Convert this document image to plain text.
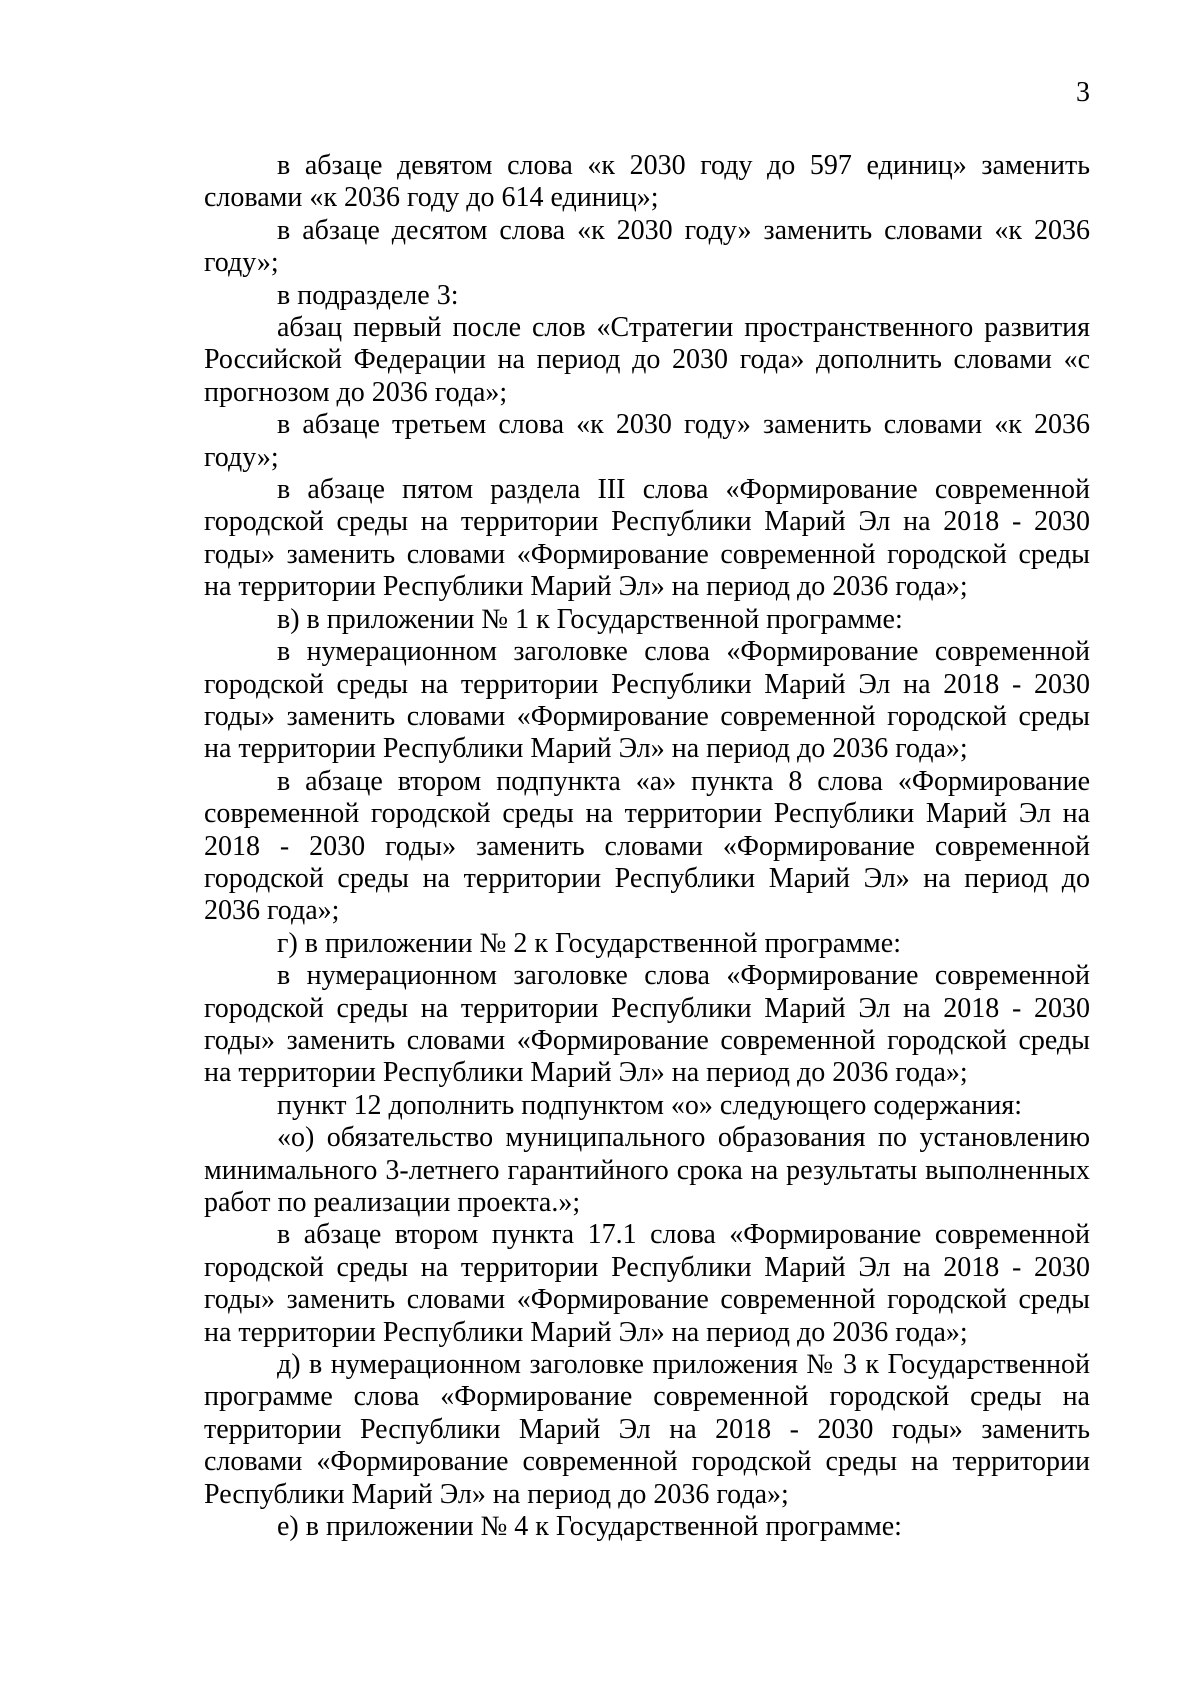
3

в абзаце девятом слова «к 2030 году до 597 единиц» заменить словами «к 2036 году до 614 единиц»;

в абзаце десятом слова «к 2030 году» заменить словами «к 2036 году»;

в подразделе 3:

абзац первый после слов «Стратегии пространственного развития Российской Федерации на период до 2030 года» дополнить словами «с прогнозом до 2036 года»;

в абзаце третьем слова «к 2030 году» заменить словами «к 2036 году»;

в абзаце пятом раздела III слова «Формирование современной городской среды на территории Республики Марий Эл на 2018 - 2030 годы» заменить словами «Формирование современной городской среды на территории Республики Марий Эл» на период до 2036 года»;

в) в приложении № 1 к Государственной программе:

в нумерационном заголовке слова «Формирование современной городской среды на территории Республики Марий Эл на 2018 - 2030 годы» заменить словами «Формирование современной городской среды на территории Республики Марий Эл» на период до 2036 года»;

в абзаце втором подпункта «а» пункта 8 слова «Формирование современной городской среды на территории Республики Марий Эл на 2018 - 2030 годы» заменить словами «Формирование современной городской среды на территории Республики Марий Эл» на период до 2036 года»;

г) в приложении № 2 к Государственной программе:

в нумерационном заголовке слова «Формирование современной городской среды на территории Республики Марий Эл на 2018 - 2030 годы» заменить словами «Формирование современной городской среды на территории Республики Марий Эл» на период до 2036 года»;

пункт 12 дополнить подпунктом «о» следующего содержания:

«о) обязательство муниципального образования по установлению минимального 3-летнего гарантийного срока на результаты выполненных работ по реализации проекта.»;

в абзаце втором пункта 17.1 слова «Формирование современной городской среды на территории Республики Марий Эл на 2018 - 2030 годы» заменить словами «Формирование современной городской среды на территории Республики Марий Эл» на период до 2036 года»;

д) в нумерационном заголовке приложения № 3 к Государственной программе слова «Формирование современной городской среды на территории Республики Марий Эл на 2018 - 2030 годы» заменить словами «Формирование современной городской среды на территории Республики Марий Эл» на период до 2036 года»;

е) в приложении № 4 к Государственной программе:
